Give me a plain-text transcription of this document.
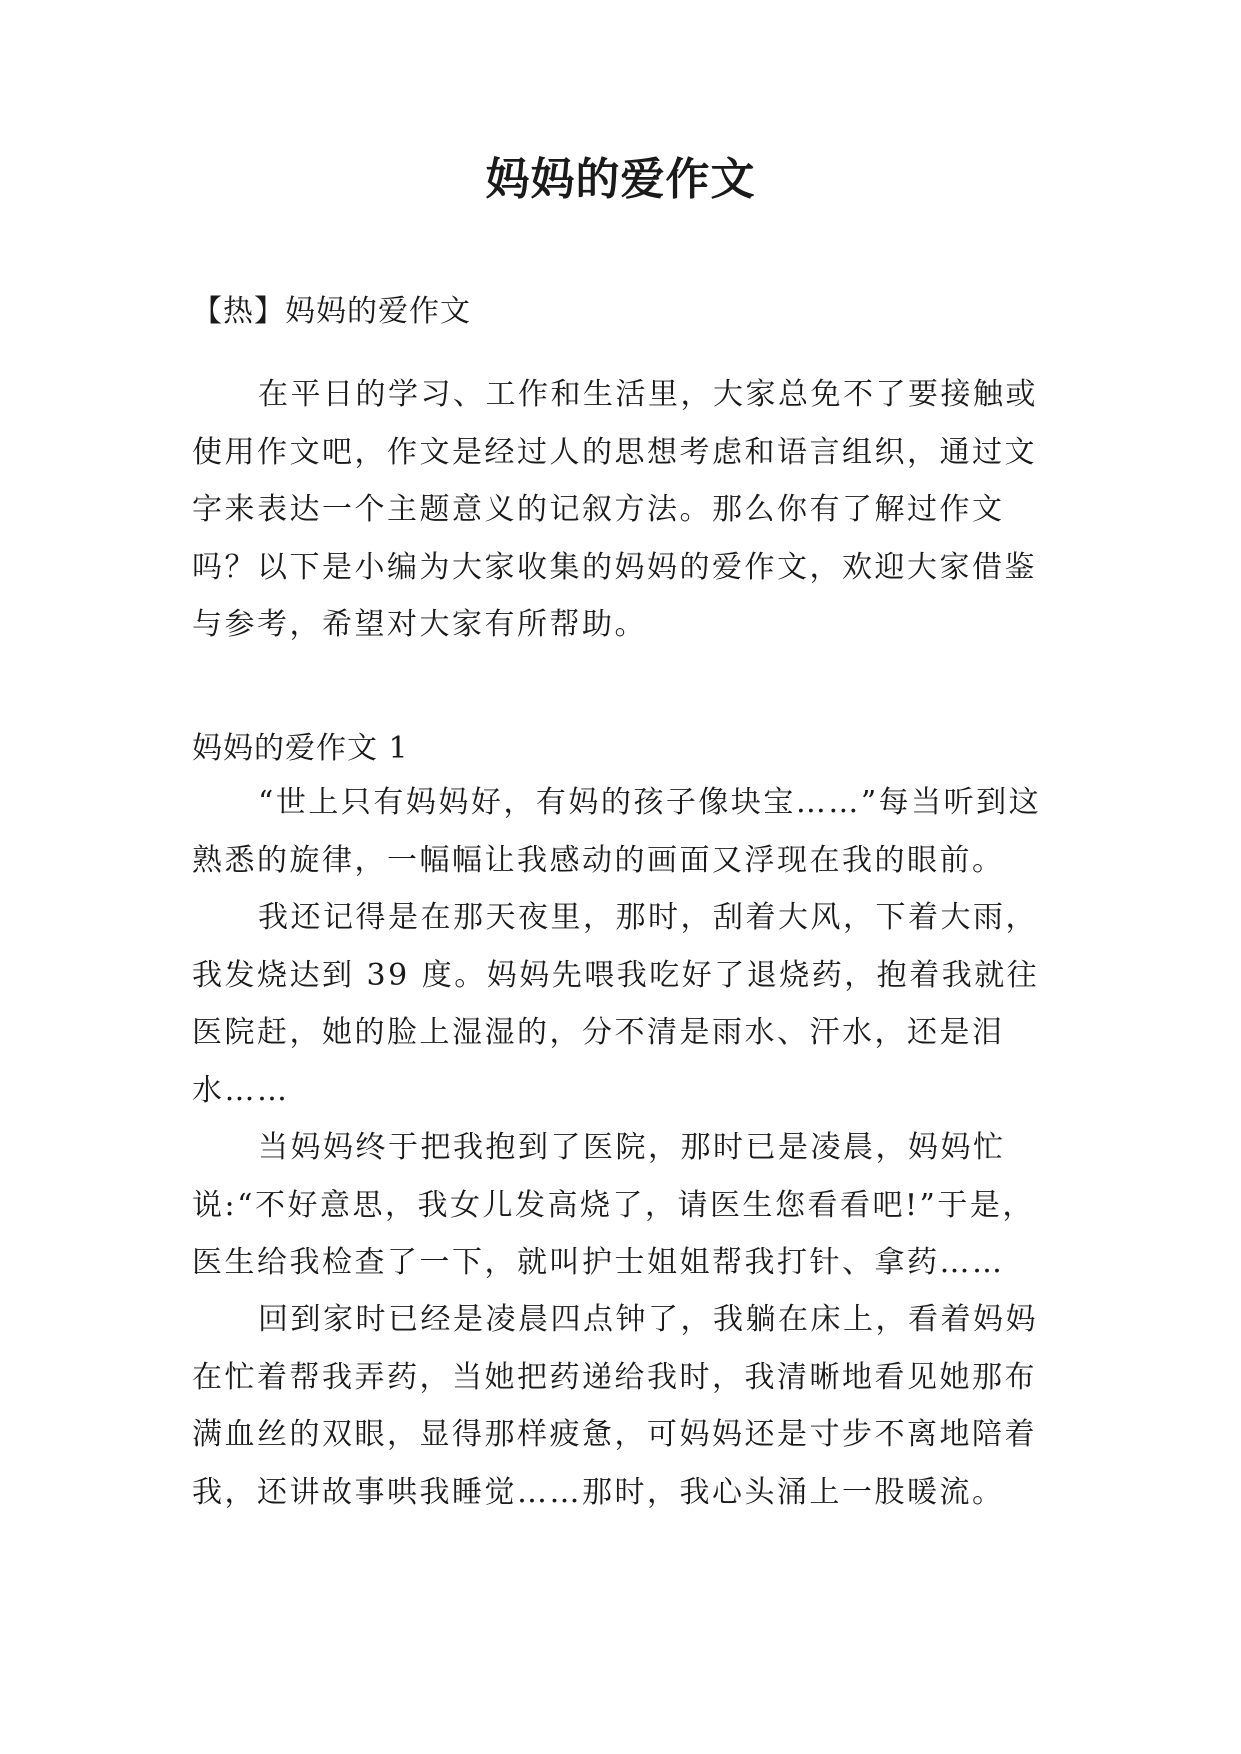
妈妈的爱作文

【热】妈妈的爱作文

在平日的学习、工作和生活里，大家总免不了要接触或使用作文吧，作文是经过人的思想考虑和语言组织，通过文字来表达一个主题意义的记叙方法。那么你有了解过作文吗？以下是小编为大家收集的妈妈的爱作文，欢迎大家借鉴与参考，希望对大家有所帮助。

妈妈的爱作文 1

“世上只有妈妈好，有妈的孩子像块宝……”每当听到这熟悉的旋律，一幅幅让我感动的画面又浮现在我的眼前。

我还记得是在那天夜里，那时，刮着大风，下着大雨，我发烧达到 39 度。妈妈先喂我吃好了退烧药，抱着我就往医院赶，她的脸上湿湿的，分不清是雨水、汗水，还是泪水……

当妈妈终于把我抱到了医院，那时已是凌晨，妈妈忙说:“不好意思，我女儿发高烧了，请医生您看看吧!”于是，医生给我检查了一下，就叫护士姐姐帮我打针、拿药……

回到家时已经是凌晨四点钟了，我躺在床上，看着妈妈在忙着帮我弄药，当她把药递给我时，我清晰地看见她那布满血丝的双眼，显得那样疲惫，可妈妈还是寸步不离地陪着我，还讲故事哄我睡觉……那时，我心头涌上一股暖流。
